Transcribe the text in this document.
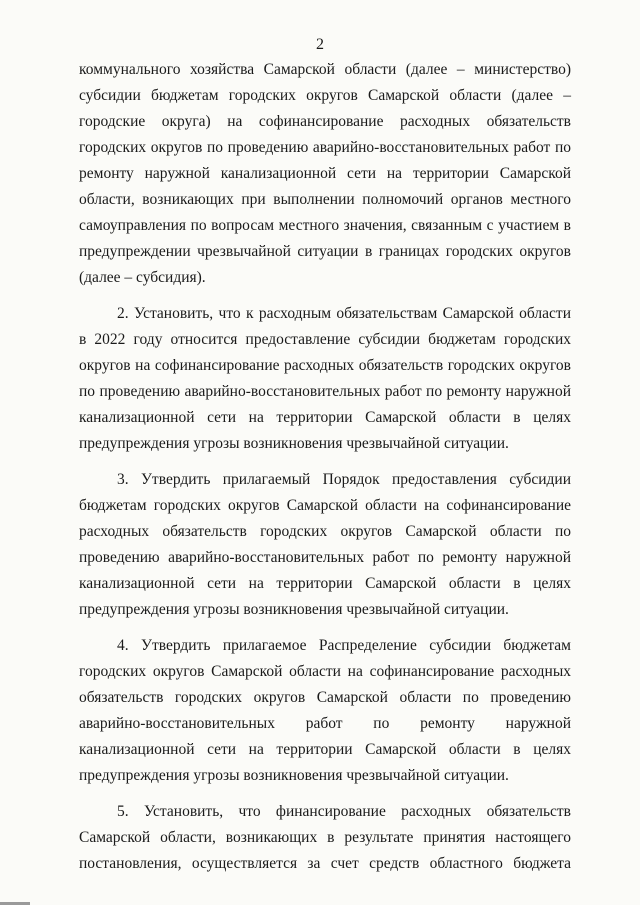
2

коммунального хозяйства Самарской области (далее – министерство) субсидии бюджетам городских округов Самарской области (далее – городские округа) на софинансирование расходных обязательств городских округов по проведению аварийно-восстановительных работ по ремонту наружной канализационной сети на территории Самарской области, возникающих при выполнении полномочий органов местного самоуправления по вопросам местного значения, связанным с участием в предупреждении чрезвычайной ситуации в границах городских округов (далее – субсидия).

2. Установить, что к расходным обязательствам Самарской области в 2022 году относится предоставление субсидии бюджетам городских округов на софинансирование расходных обязательств городских округов по проведению аварийно-восстановительных работ по ремонту наружной канализационной сети на территории Самарской области в целях предупреждения угрозы возникновения чрезвычайной ситуации.

3. Утвердить прилагаемый Порядок предоставления субсидии бюджетам городских округов Самарской области на софинансирование расходных обязательств городских округов Самарской области по проведению аварийно-восстановительных работ по ремонту наружной канализационной сети на территории Самарской области в целях предупреждения угрозы возникновения чрезвычайной ситуации.

4. Утвердить прилагаемое Распределение субсидии бюджетам городских округов Самарской области на софинансирование расходных обязательств городских округов Самарской области по проведению аварийно-восстановительных работ по ремонту наружной канализационной сети на территории Самарской области в целях предупреждения угрозы возникновения чрезвычайной ситуации.

5. Установить, что финансирование расходных обязательств Самарской области, возникающих в результате принятия настоящего постановления, осуществляется за счет средств областного бюджета
